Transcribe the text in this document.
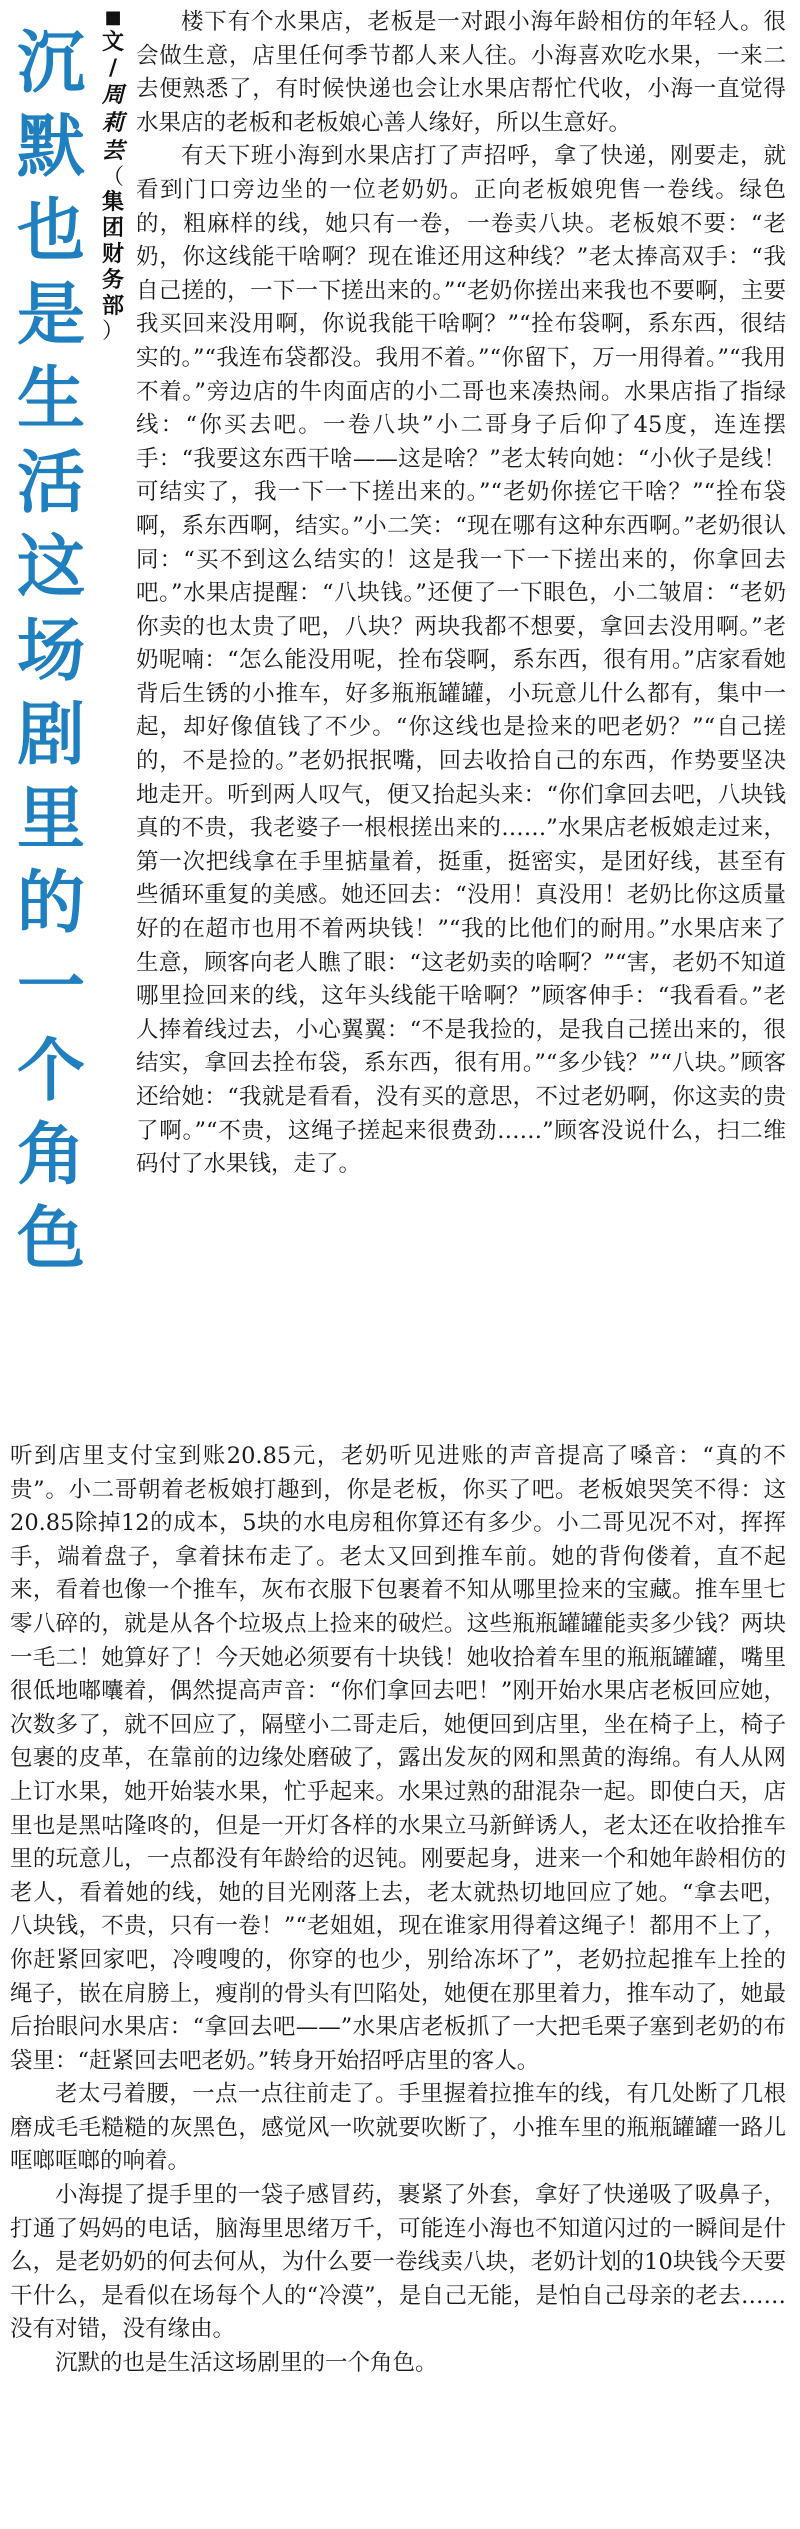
沉
默
也
是
生
活
这
场
剧
里
的
一
个
角
色
■
文
/
周
莉
芸
（
集
团
财
务
部
）

楼下有个水果店，老板是一对跟小海年龄相仿的年轻人。很会做生意，店里任何季节都人来人往。小海喜欢吃水果，一来二去便熟悉了，有时候快递也会让水果店帮忙代收，小海一直觉得水果店的老板和老板娘心善人缘好，所以生意好。

有天下班小海到水果店打了声招呼，拿了快递，刚要走，就看到门口旁边坐的一位老奶奶。正向老板娘兜售一卷线。绿色的，粗麻样的线，她只有一卷，一卷卖八块。老板娘不要：“老奶，你这线能干啥啊？现在谁还用这种线？”老太捧高双手：“我自己搓的，一下一下搓出来的。”“老奶你搓出来我也不要啊，主要我买回来没用啊，你说我能干啥啊？”“拴布袋啊，系东西，很结实的。”“我连布袋都没。我用不着。”“你留下，万一用得着。”“我用不着。”旁边店的牛肉面店的小二哥也来凑热闹。水果店指了指绿线：“你买去吧。一卷八块”小二哥身子后仰了45度，连连摆手：“我要这东西干啥——这是啥？”老太转向她：“小伙子是线！可结实了，我一下一下搓出来的。”“老奶你搓它干啥？”“拴布袋啊，系东西啊，结实。”小二笑：“现在哪有这种东西啊。”老奶很认同：“买不到这么结实的！这是我一下一下搓出来的，你拿回去吧。”水果店提醒：“八块钱。”还便了一下眼色，小二皱眉：“老奶你卖的也太贵了吧，八块？两块我都不想要，拿回去没用啊。”老奶呢喃：“怎么能没用呢，拴布袋啊，系东西，很有用。”店家看她背后生锈的小推车，好多瓶瓶罐罐，小玩意儿什么都有，集中一起，却好像值钱了不少。“你这线也是捡来的吧老奶？”“自己搓的，不是捡的。”老奶抿抿嘴，回去收拾自己的东西，作势要坚决地走开。听到两人叹气，便又抬起头来：“你们拿回去吧，八块钱真的不贵，我老婆子一根根搓出来的……”水果店老板娘走过来，第一次把线拿在手里掂量着，挺重，挺密实，是团好线，甚至有些循环重复的美感。她还回去：“没用！真没用！老奶比你这质量好的在超市也用不着两块钱！”“我的比他们的耐用。”水果店来了生意，顾客向老人瞧了眼：“这老奶卖的啥啊？”“害，老奶不知道哪里捡回来的线，这年头线能干啥啊？”顾客伸手：“我看看。”老人捧着线过去，小心翼翼：“不是我捡的，是我自己搓出来的，很结实，拿回去拴布袋，系东西，很有用。”“多少钱？”“八块。”顾客还给她：“我就是看看，没有买的意思，不过老奶啊，你这卖的贵了啊。”“不贵，这绳子搓起来很费劲……”顾客没说什么，扫二维码付了水果钱，走了。

听到店里支付宝到账20.85元，老奶听见进账的声音提高了嗓音：“真的不贵”。小二哥朝着老板娘打趣到，你是老板，你买了吧。老板娘哭笑不得：这20.85除掉12的成本，5块的水电房租你算还有多少。小二哥见况不对，挥挥手，端着盘子，拿着抹布走了。老太又回到推车前。她的背佝偻着，直不起来，看着也像一个推车，灰布衣服下包裹着不知从哪里捡来的宝藏。推车里七零八碎的，就是从各个垃圾点上捡来的破烂。这些瓶瓶罐罐能卖多少钱？两块一毛二！她算好了！今天她必须要有十块钱！她收拾着车里的瓶瓶罐罐，嘴里很低地嘟囔着，偶然提高声音：“你们拿回去吧！”刚开始水果店老板回应她，次数多了，就不回应了，隔壁小二哥走后，她便回到店里，坐在椅子上，椅子包裹的皮革，在靠前的边缘处磨破了，露出发灰的网和黑黄的海绵。有人从网上订水果，她开始装水果，忙乎起来。水果过熟的甜混杂一起。即使白天，店里也是黑咕隆咚的，但是一开灯各样的水果立马新鲜诱人，老太还在收拾推车里的玩意儿，一点都没有年龄给的迟钝。刚要起身，进来一个和她年龄相仿的老人，看着她的线，她的目光刚落上去，老太就热切地回应了她。“拿去吧，八块钱，不贵，只有一卷！”“老姐姐，现在谁家用得着这绳子！都用不上了，你赶紧回家吧，冷嗖嗖的，你穿的也少，别给冻坏了”，老奶拉起推车上拴的绳子，嵌在肩膀上，瘦削的骨头有凹陷处，她便在那里着力，推车动了，她最后抬眼问水果店：“拿回去吧——”水果店老板抓了一大把毛栗子塞到老奶的布袋里：“赶紧回去吧老奶。”转身开始招呼店里的客人。

老太弓着腰，一点一点往前走了。手里握着拉推车的线，有几处断了几根磨成毛毛糙糙的灰黑色，感觉风一吹就要吹断了，小推车里的瓶瓶罐罐一路儿哐啷哐啷的响着。

小海提了提手里的一袋子感冒药，裹紧了外套，拿好了快递吸了吸鼻子，打通了妈妈的电话，脑海里思绪万千，可能连小海也不知道闪过的一瞬间是什么，是老奶奶的何去何从，为什么要一卷线卖八块，老奶计划的10块钱今天要干什么，是看似在场每个人的“冷漠”，是自己无能，是怕自己母亲的老去……没有对错，没有缘由。

沉默的也是生活这场剧里的一个角色。
